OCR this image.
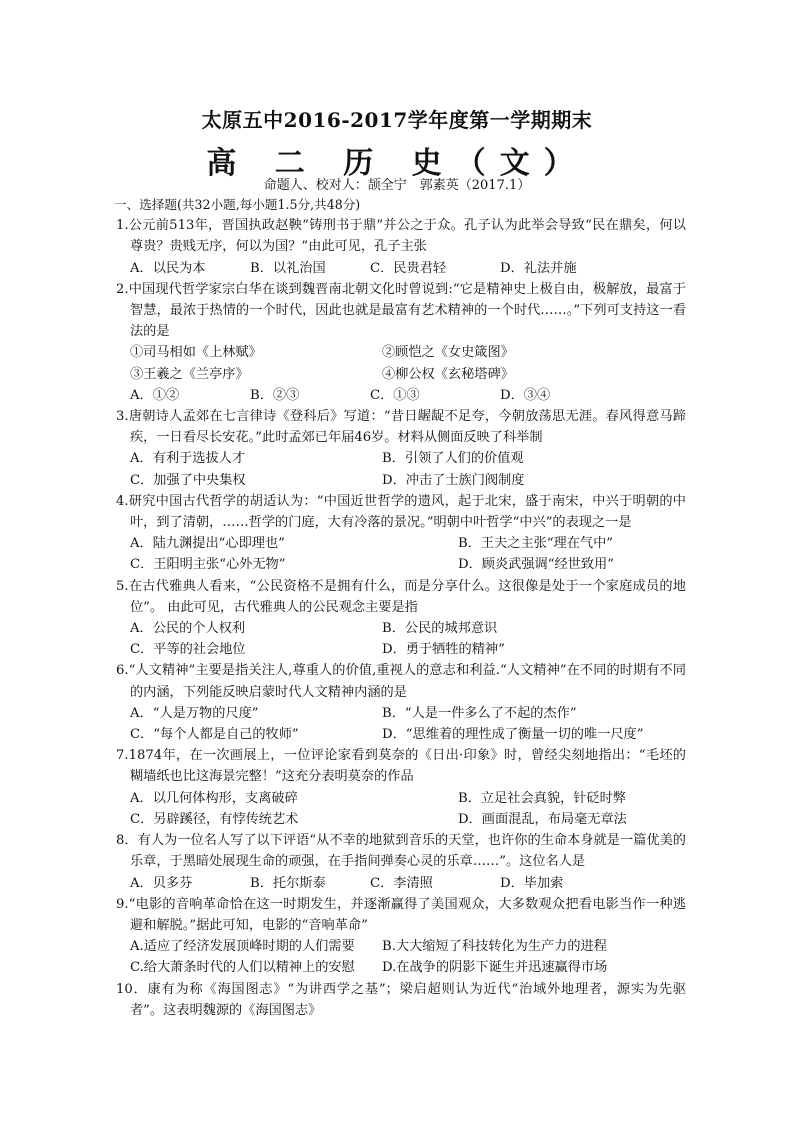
太原五中2016-2017学年度第一学期期末
高 二 历 史（文）
命题人、校对人：颉全宁　郭素英（2017.1）
一、选择题(共32小题,每小题1.5分,共48分)
1.公元前513年，晋国执政赵鞅“铸刑书于鼎”并公之于众。孔子认为此举会导致“民在鼎矣，何以尊贵？贵贱无序，何以为国？”由此可见，孔子主张
A．以民为本	B．以礼治国	C．民贵君轻	D．礼法并施
2.中国现代哲学家宗白华在谈到魏晋南北朝文化时曾说到:“它是精神史上极自由，极解放，最富于智慧，最浓于热情的一个时代，因此也就是最富有艺术精神的一个时代……。”下列可支持这一看法的是
①司马相如《上林赋》	②顾恺之《女史箴图》
③王羲之《兰亭序》	④柳公权《玄秘塔碑》
A．①②	B．②③	C．①③	D．③④
3.唐朝诗人孟郊在七言律诗《登科后》写道：“昔日龌龊不足夸，今朝放荡思无涯。春风得意马蹄疾，一日看尽长安花。”此时孟郊已年届46岁。材料从侧面反映了科举制
A．有利于选拔人才	B．引领了人们的价值观
C．加强了中央集权	D．冲击了士族门阀制度
4.研究中国古代哲学的胡适认为：“中国近世哲学的遗风，起于北宋，盛于南宋，中兴于明朝的中叶，到了清朝，……哲学的门庭，大有冷落的景况。”明朝中叶哲学“中兴”的表现之一是
A．陆九渊提出“心即理也”	B．王夫之主张“理在气中”
C．王阳明主张“心外无物”	D．顾炎武强调“经世致用”
5.在古代雅典人看来，“公民资格不是拥有什么，而是分享什么。这很像是处于一个家庭成员的地位”。 由此可见，古代雅典人的公民观念主要是指
A．公民的个人权利	B．公民的城邦意识
C．平等的社会地位	D．勇于牺牲的精神”
6.“人文精神”主要是指关注人,尊重人的价值,重视人的意志和利益.“人文精神”在不同的时期有不同的内涵，下列能反映启蒙时代人文精神内涵的是
A．“人是万物的尺度”	B．“人是一件多么了不起的杰作”
C．“每个人都是自己的牧师”	D．“思维着的理性成了衡量一切的唯一尺度”
7.1874年，在一次画展上，一位评论家看到莫奈的《日出·印象》时，曾经尖刻地指出：“毛坯的糊墙纸也比这海景完整！”这充分表明莫奈的作品
A．以几何体构形，支离破碎	B．立足社会真貌，针砭时弊
C．另辟蹊径，有悖传统艺术	D．画面混乱，布局毫无章法
8．有人为一位名人写了以下评语“从不幸的地狱到音乐的天堂，也许你的生命本身就是一篇优美的乐章，于黑暗处展现生命的顽强，在手指间弹奏心灵的乐章……”。这位名人是
A．贝多芬	B．托尔斯泰	C．李清照	D．毕加索
9.“电影的音响革命恰在这一时期发生，并逐渐赢得了美国观众，大多数观众把看电影当作一种逃避和解脱。”据此可知，电影的“音响革命”
A.适应了经济发展顶峰时期的人们需要	B.大大缩短了科技转化为生产力的进程
C.给大萧条时代的人们以精神上的安慰	D.在战争的阴影下诞生并迅速赢得市场
10．康有为称《海国图志》“为讲西学之基”；梁启超则认为近代“治域外地理者，源实为先驱者”。这表明魏源的《海国图志》
